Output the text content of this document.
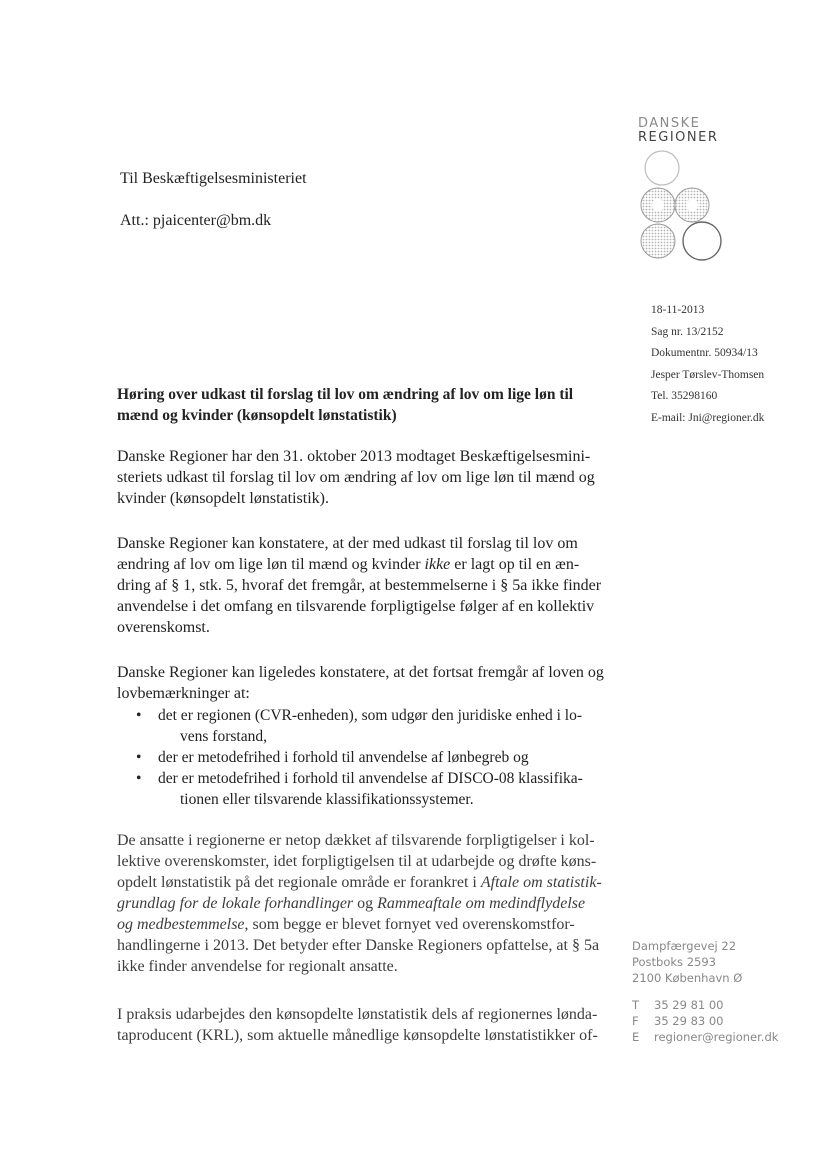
DANSKE
REGIONER
Til Beskæftigelsesministeriet
Att.: pjaicenter@bm.dk
18-11-2013
Sag nr. 13/2152
Dokumentnr. 50934/13
Jesper Tørslev-Thomsen
Tel. 35298160
E-mail: Jni@regioner.dk
Høring over udkast til forslag til lov om ændring af lov om lige løn til mænd og kvinder (kønsopdelt lønstatistik)
Danske Regioner har den 31. oktober 2013 modtaget Beskæftigelsesmini-
steriets udkast til forslag til lov om ændring af lov om lige løn til mænd og
kvinder (kønsopdelt lønstatistik).
Danske Regioner kan konstatere, at der med udkast til forslag til lov om
ændring af lov om lige løn til mænd og kvinder ikke er lagt op til en æn-
dring af § 1, stk. 5, hvoraf det fremgår, at bestemmelserne i § 5a ikke finder
anvendelse i det omfang en tilsvarende forpligtigelse følger af en kollektiv
overenskomst.
Danske Regioner kan ligeledes konstatere, at det fortsat fremgår af loven og
lovbemærkninger at:
• det er regionen (CVR-enheden), som udgør den juridiske enhed i lo-
vens forstand,
• der er metodefrihed i forhold til anvendelse af lønbegreb og
• der er metodefrihed i forhold til anvendelse af DISCO-08 klassifika-
tionen eller tilsvarende klassifikationssystemer.
De ansatte i regionerne er netop dækket af tilsvarende forpligtigelser i kol-
lektive overenskomster, idet forpligtigelsen til at udarbejde og drøfte køns-
opdelt lønstatistik på det regionale område er forankret i Aftale om statistik-
grundlag for de lokale forhandlinger og Rammeaftale om medindflydelse
og medbestemmelse, som begge er blevet fornyet ved overenskomstfor-
handlingerne i 2013. Det betyder efter Danske Regioners opfattelse, at § 5a
ikke finder anvendelse for regionalt ansatte.
I praksis udarbejdes den kønsopdelte lønstatistik dels af regionernes lønda-
taproducent (KRL), som aktuelle månedlige kønsopdelte lønstatistikker of-
Dampfærgevej 22
Postboks 2593
2100 København Ø
T 35 29 81 00
F 35 29 83 00
E regioner@regioner.dk
